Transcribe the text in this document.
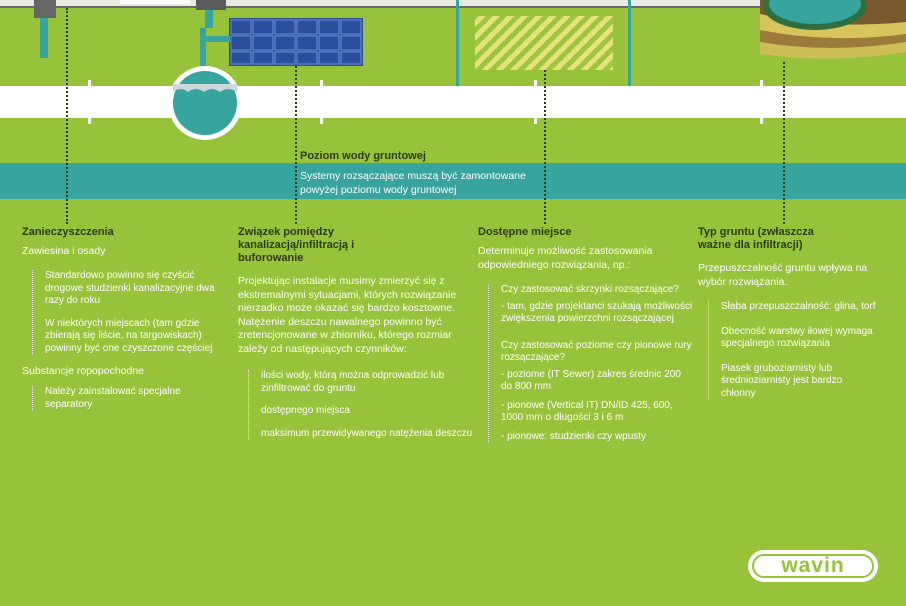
Poziom wody gruntowej
Systemy rozsączające muszą być zamontowane powyżej poziomu wody gruntowej
Zanieczyszczenia
Zawiesina i osady

Standardowo powinno się czyścić drogowe studzienki kanalizacyjne dwa razy do roku

W niektórych miejscach (tam gdzie zbierają się liście, na targowiskach) powinny być one czyszczone częściej

Substancje ropopochodne

Należy zainstalować specjalne separatory

Związek pomiędzy kanalizacją/infiltracją i buforowanie
Projektując instalacje musimy zmierzyć się z ekstremalnymi sytuacjami, których rozwiązanie nierzadko może okazać się bardzo kosztowne. Natężenie deszczu nawalnego powinno być zretencjonowane w zbiorniku, którego rozmiar zależy od następujących czynników:

ilości wody, którą można odprowadzić lub zinfiltrować do gruntu

dostępnego miejsca

maksimum przewidywanego natężenia deszczu

Dostępne miejsce
Determinuje możliwość zastosowania odpowiedniego rozwiązania, np.:

Czy zastosować skrzynki rozsączające?

- tam, gdzie projektanci szukają możliwości zwiększenia powierzchni rozsączającej

Czy zastosować poziome czy pionowe rury rozsączające?

- poziome (IT Sewer) zakres średnic 200 do 800 mm

- pionowe (Vertical IT) DN/ID 425, 600, 1000 mm o długości 3 i 6 m

- pionowe: studzienki czy wpusty

Typ gruntu (zwłaszcza ważne dla infiltracji)
Przepuszczalność gruntu wpływa na wybór rozwiązania.

Słaba przepuszczalność: glina, torf

Obecność warstwy iłowej wymaga specjalnego rozwiązania

Piasek gruboziarnisty lub średnioziarnisty jest bardzo chłonny

wavin
